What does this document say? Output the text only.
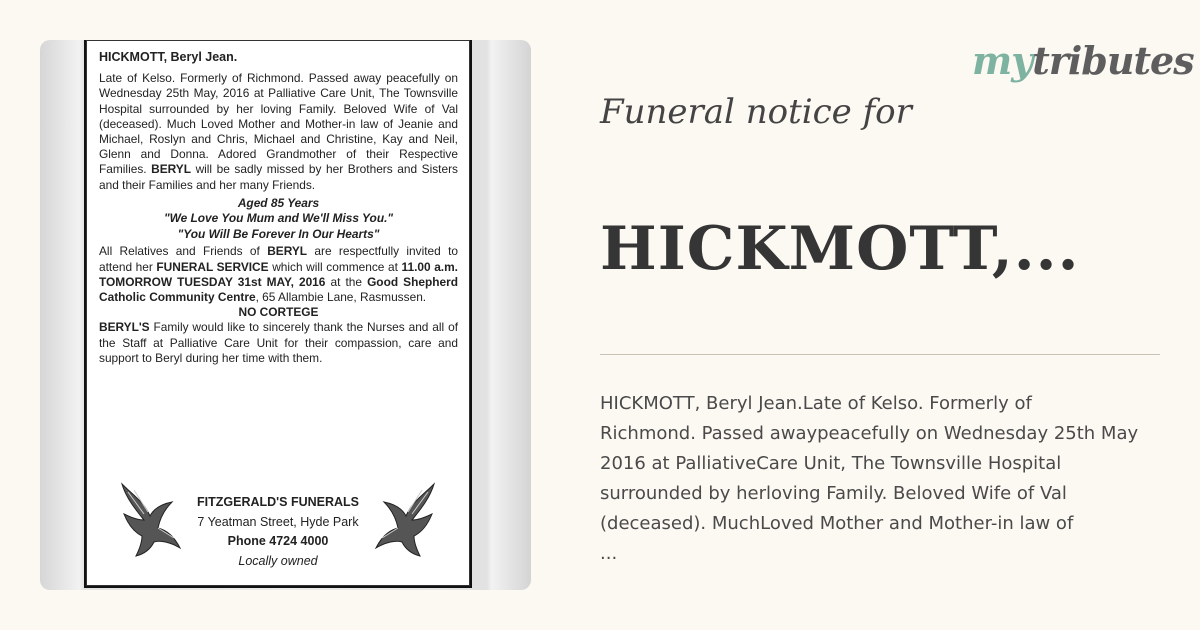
HICKMOTT, Beryl Jean.

Late of Kelso. Formerly of Richmond. Passed away peacefully on Wednesday 25th May, 2016 at Palliative Care Unit, The Townsville Hospital surrounded by her loving Family. Beloved Wife of Val (deceased). Much Loved Mother and Mother-in law of Jeanie and Michael, Roslyn and Chris, Michael and Christine, Kay and Neil, Glenn and Donna. Adored Grandmother of their Respective Families. BERYL will be sadly missed by her Brothers and Sisters and their Families and her many Friends.

Aged 85 Years
"We Love You Mum and We'll Miss You."
"You Will Be Forever In Our Hearts"

All Relatives and Friends of BERYL are respectfully invited to attend her FUNERAL SERVICE which will commence at 11.00 a.m. TOMORROW TUESDAY 31st MAY, 2016 at the Good Shepherd Catholic Community Centre, 65 Allambie Lane, Rasmussen.

NO CORTEGE

BERYL'S Family would like to sincerely thank the Nurses and all of the Staff at Palliative Care Unit for their compassion, care and support to Beryl during her time with them.

FITZGERALD'S FUNERALS
7 Yeatman Street, Hyde Park
Phone 4724 4000
Locally owned
mytributes
Funeral notice for
HICKMOTT,...
HICKMOTT, Beryl Jean.Late of Kelso. Formerly of
Richmond. Passed awaypeacefully on Wednesday 25th May
2016 at PalliativeCare Unit, The Townsville Hospital
surrounded by herloving Family. Beloved Wife of Val
(deceased). MuchLoved Mother and Mother-in law of
...
